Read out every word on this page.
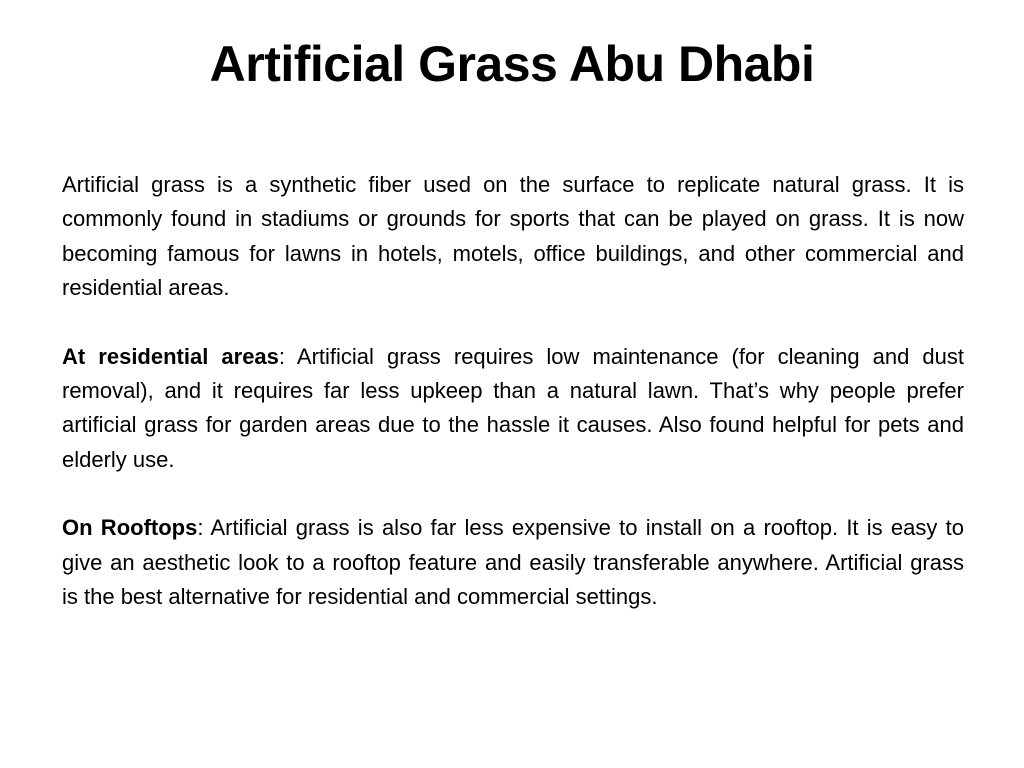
Artificial Grass Abu Dhabi

Artificial grass is a synthetic fiber used on the surface to replicate natural grass. It is commonly found in stadiums or grounds for sports that can be played on grass. It is now becoming famous for lawns in hotels, motels, office buildings, and other commercial and residential areas.

At residential areas: Artificial grass requires low maintenance (for cleaning and dust removal), and it requires far less upkeep than a natural lawn. That’s why people prefer artificial grass for garden areas due to the hassle it causes. Also found helpful for pets and elderly use.

On Rooftops: Artificial grass is also far less expensive to install on a rooftop. It is easy to give an aesthetic look to a rooftop feature and easily transferable anywhere. Artificial grass is the best alternative for residential and commercial settings.
